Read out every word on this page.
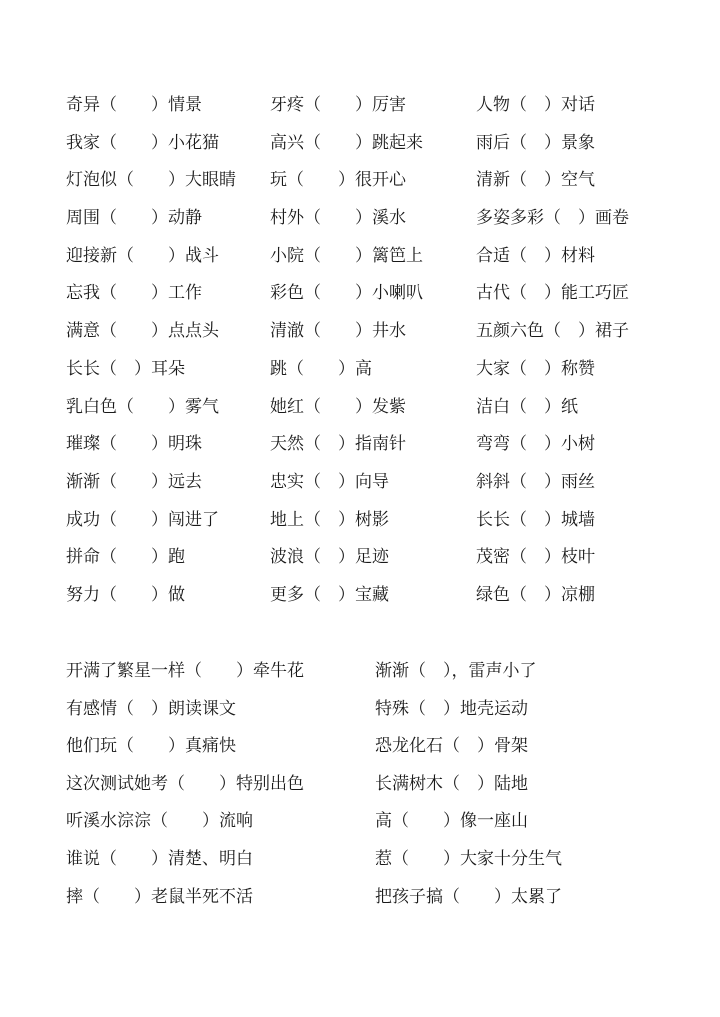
奇异（　　）情景	牙疼（　　）厉害	人物（　）对话
我家（　　）小花猫	高兴（　　）跳起来	雨后（　）景象
灯泡似（　　）大眼睛 玩（　　）很开心	清新（　）空气
周围（　　）动静	村外（　　）溪水	多姿多彩（　）画卷
迎接新（　　）战斗	小院（　　）篱笆上	合适（　）材料
忘我（　　）工作	彩色（　　）小喇叭	古代（　）能工巧匠
满意（　　）点点头	清澈（　　）井水	五颜六色（　）裙子
长长（　）耳朵	跳（　　）高	大家（　）称赞
乳白色（　　）雾气	她红（　　）发紫	洁白（　）纸
璀璨（　　）明珠	天然（　）指南针	弯弯（　）小树
渐渐（　　）远去	忠实（　）向导	斜斜（　）雨丝
成功（　　）闯进了	地上（　）树影	长长（　）城墙
拼命（　　）跑	波浪（　）足迹	茂密（　）枝叶
努力（　　）做	更多（　）宝藏	绿色（　）凉棚
开满了繁星一样（　　）牵牛花	渐渐（　），雷声小了
有感情（　）朗读课文	特殊（　）地壳运动
他们玩（　　）真痛快	恐龙化石（　）骨架
这次测试她考（　　）特别出色	长满树木（　）陆地
听溪水淙淙（　　）流响	高（　　）像一座山
谁说（　　）清楚、明白	惹（　　）大家十分生气
摔（　　）老鼠半死不活	把孩子搞（　　）太累了
